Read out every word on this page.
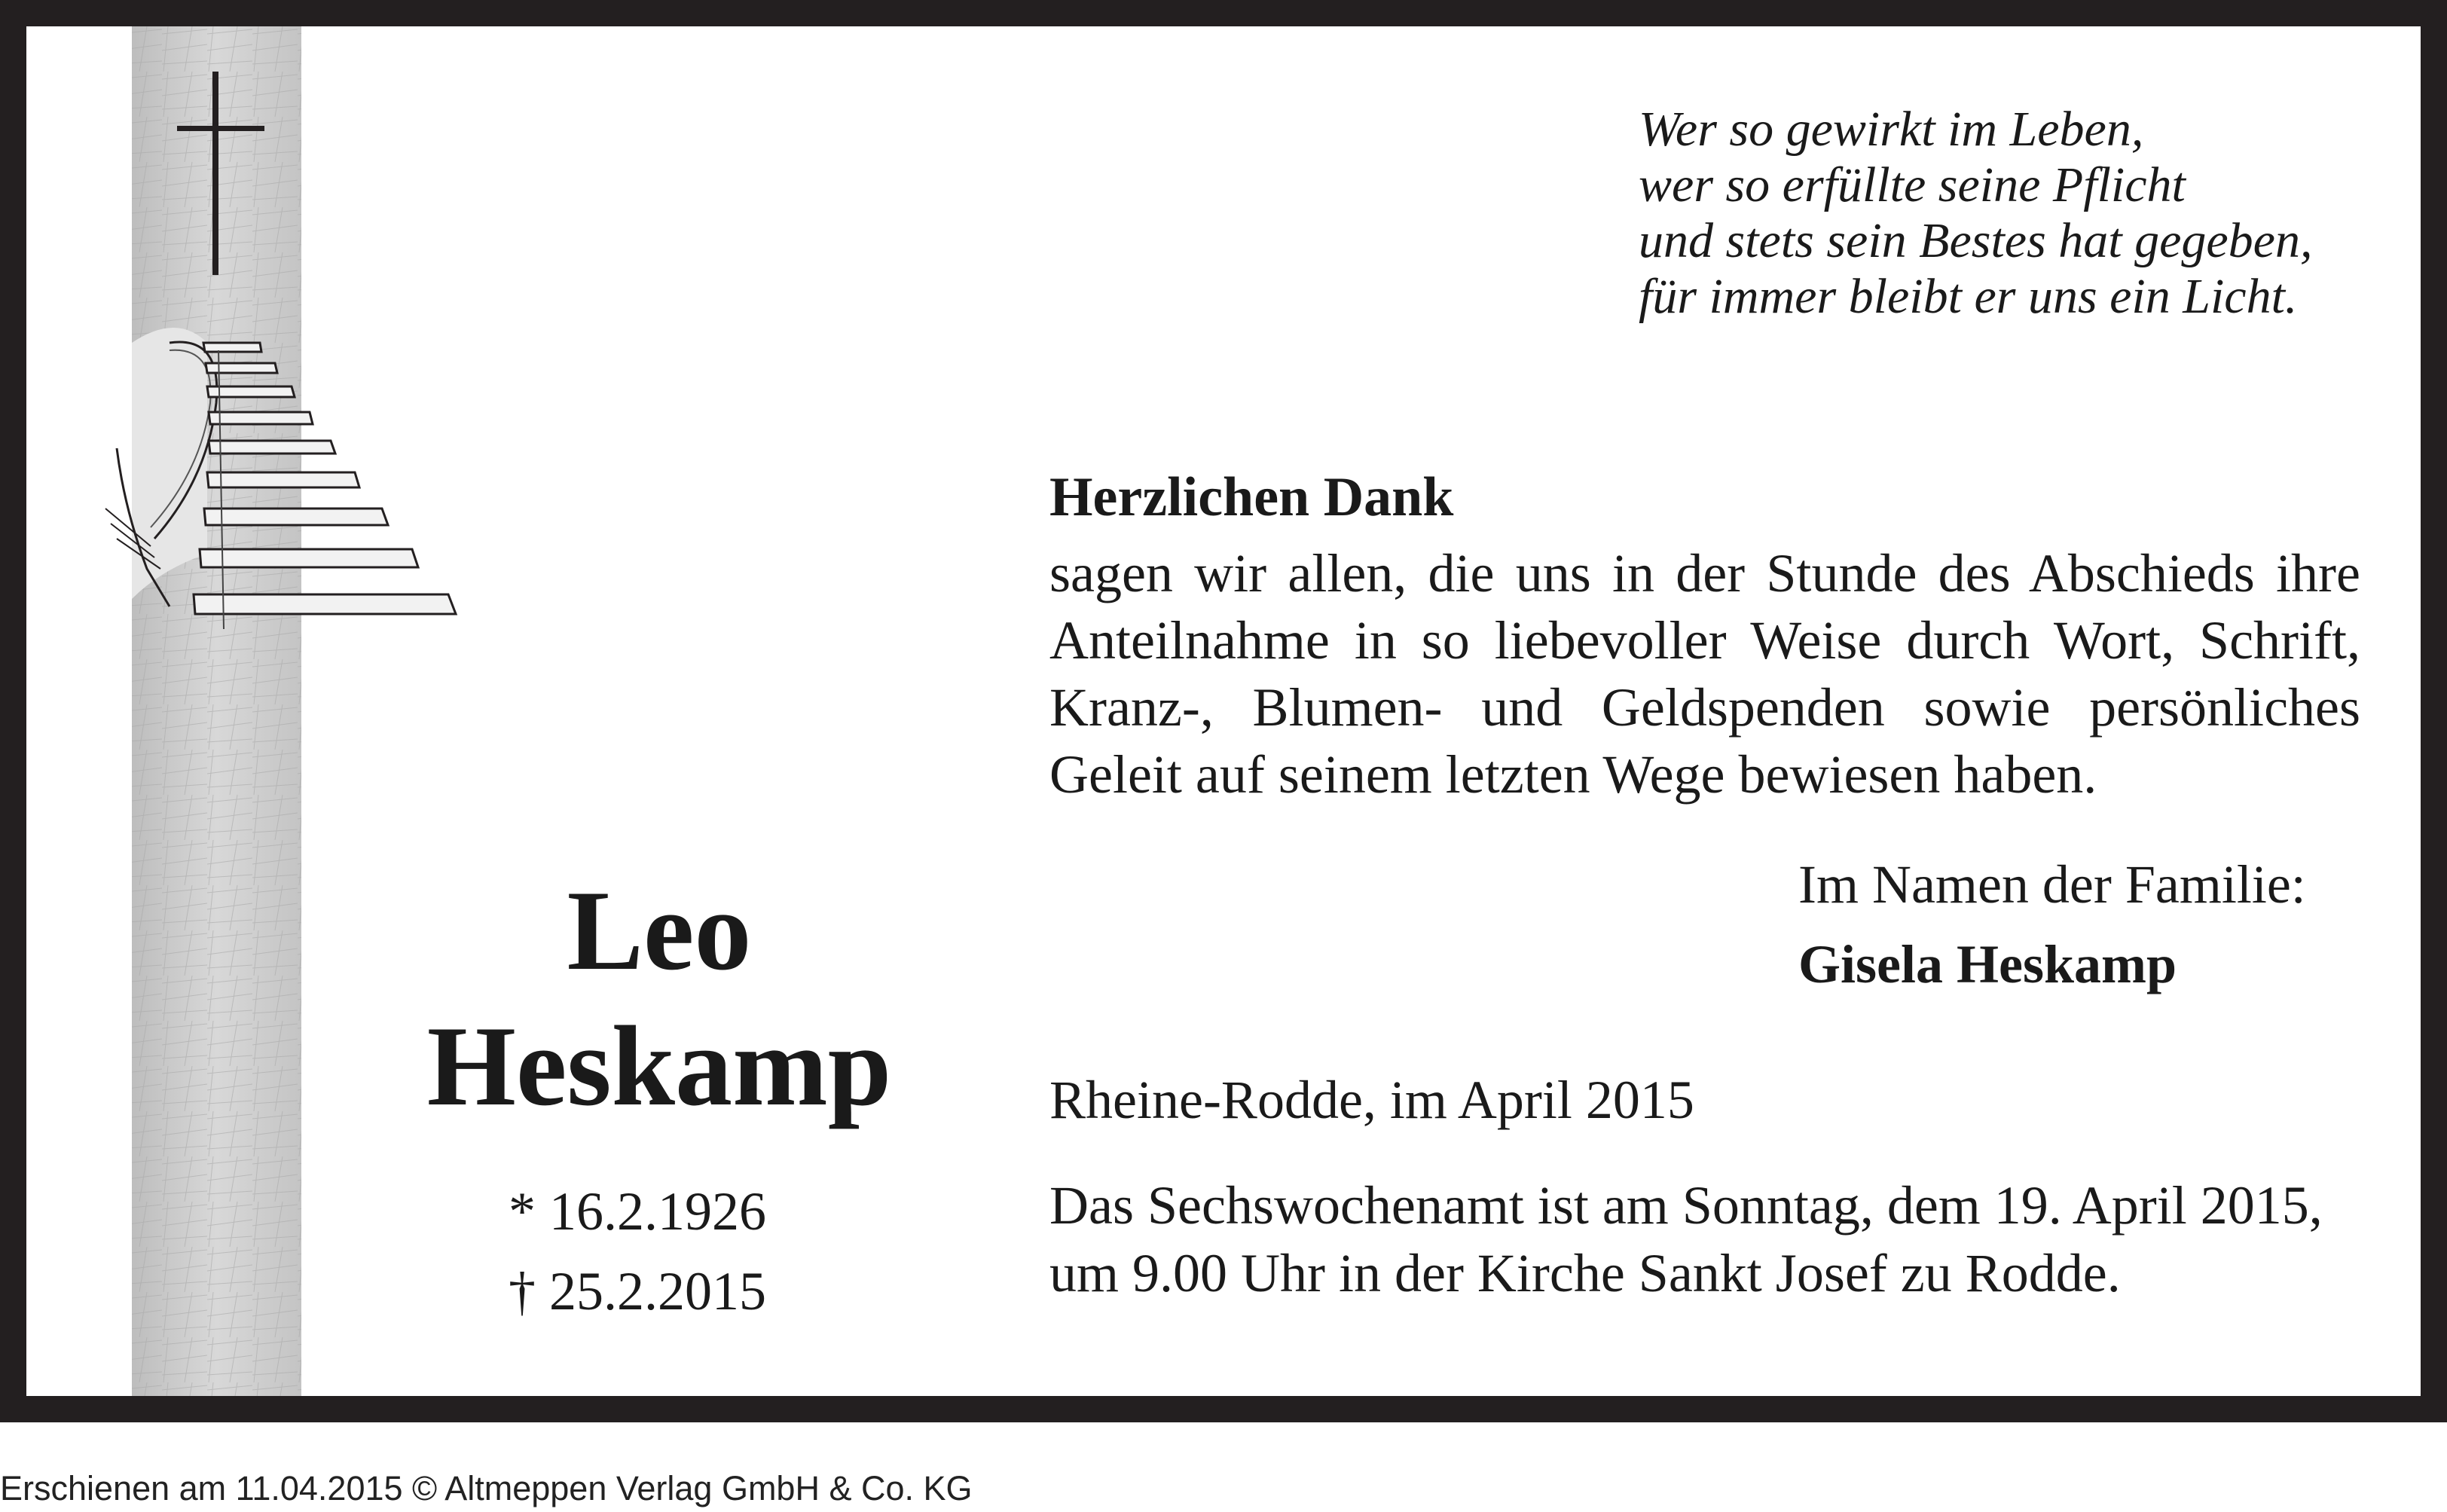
Wer so gewirkt im Leben,
wer so erfüllte seine Pflicht
und stets sein Bestes hat gegeben,
für immer bleibt er uns ein Licht.
Herzlichen Dank
sagen wir allen, die uns in der Stunde des Abschieds ihre
Anteilnahme in so liebevoller Weise durch Wort, Schrift,
Kranz-, Blumen- und Geldspenden sowie persönliches
Geleit auf seinem letzten Wege bewiesen haben.
Im Namen der Familie:
Gisela Heskamp
Rheine-Rodde, im April 2015
Das Sechswochenamt ist am Sonntag, dem 19. April 2015,
um 9.00 Uhr in der Kirche Sankt Josef zu Rodde.
Leo
Heskamp
* 16.2.1926
† 25.2.2015
Erschienen am 11.04.2015 © Altmeppen Verlag GmbH & Co. KG
